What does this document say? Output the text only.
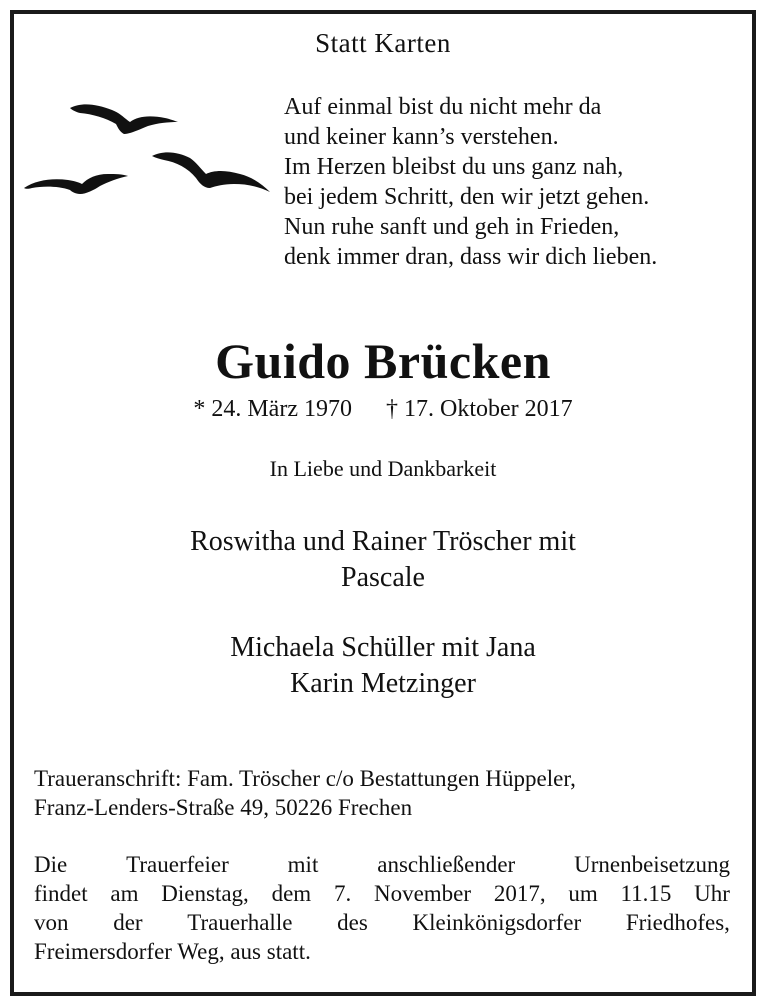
Statt Karten
Auf einmal bist du nicht mehr da
und keiner kann’s verstehen.
Im Herzen bleibst du uns ganz nah,
bei jedem Schritt, den wir jetzt gehen.
Nun ruhe sanft und geh in Frieden,
denk immer dran, dass wir dich lieben.
Guido Brücken
* 24. März 1970 † 17. Oktober 2017
In Liebe und Dankbarkeit
Roswitha und Rainer Tröscher mit
Pascale
Michaela Schüller mit Jana
Karin Metzinger
Traueranschrift: Fam. Tröscher c/o Bestattungen Hüppeler,
Franz-Lenders-Straße 49, 50226 Frechen
Die	Trauerfeier	mit	anschließender	Urnenbeisetzung
findet am Dienstag, dem 7. November 2017, um 11.15 Uhr
von der Trauerhalle des Kleinkönigsdorfer Friedhofes,
Freimersdorfer Weg, aus statt.
